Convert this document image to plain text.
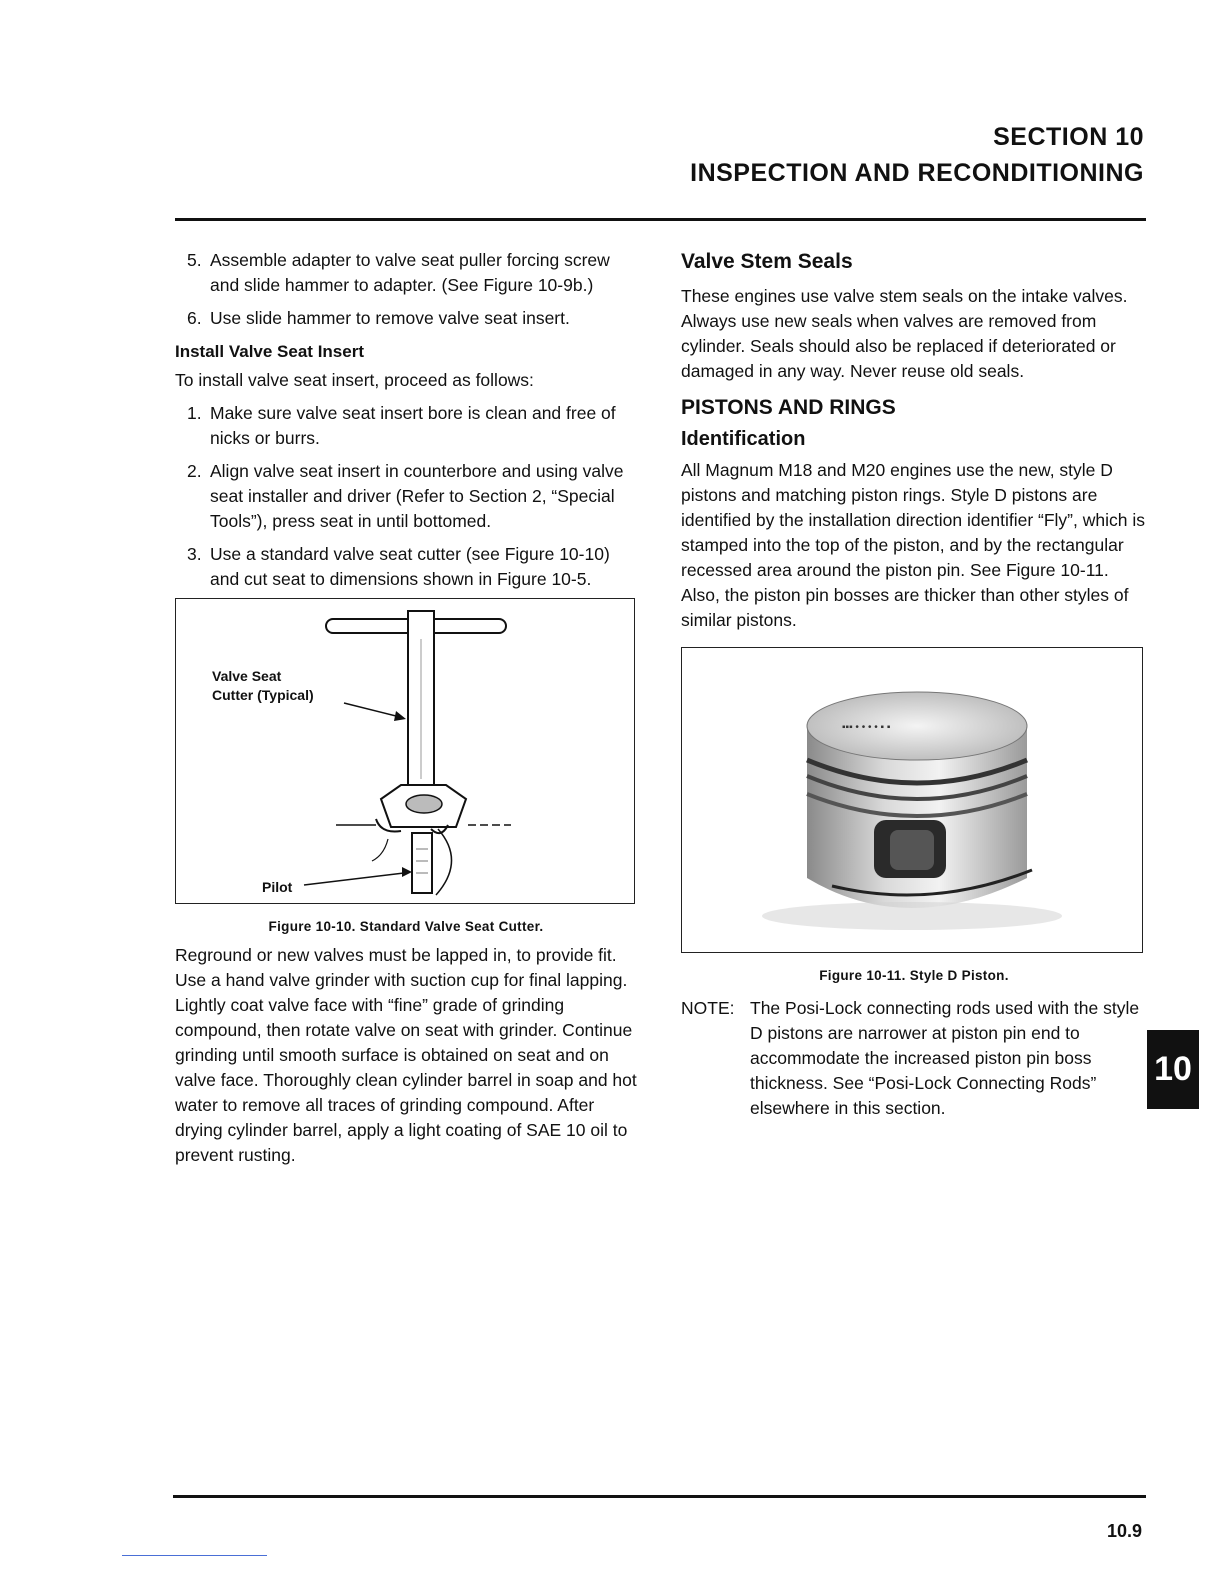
SECTION 10
INSPECTION AND RECONDITIONING
5. Assemble adapter to valve seat puller forcing screw and slide hammer to adapter. (See Figure 10-9b.)
6. Use slide hammer to remove valve seat insert.
Install Valve Seat Insert
To install valve seat insert, proceed as follows:
1. Make sure valve seat insert bore is clean and free of nicks or burrs.
2. Align valve seat insert in counterbore and using valve seat installer and driver (Refer to Section 2, “Special Tools”), press seat in until bottomed.
3. Use a standard valve seat cutter (see Figure 10-10) and cut seat to dimensions shown in Figure 10-5.
Valve Seat
Cutter (Typical)
Pilot
Figure 10-10. Standard Valve Seat Cutter.
Reground or new valves must be lapped in, to provide fit. Use a hand valve grinder with suction cup for final lapping. Lightly coat valve face with “fine” grade of grinding compound, then rotate valve on seat with grinder. Continue grinding until smooth surface is obtained on seat and on valve face. Thoroughly clean cylinder barrel in soap and hot water to remove all traces of grinding compound. After drying cylinder barrel, apply a light coating of SAE 10 oil to prevent rusting.
Valve Stem Seals
These engines use valve stem seals on the intake valves. Always use new seals when valves are removed from cylinder. Seals should also be replaced if deteriorated or damaged in any way. Never reuse old seals.
PISTONS AND RINGS
Identification
All Magnum M18 and M20 engines use the new, style D pistons and matching piston rings. Style D pistons are identified by the installation direction identifier “Fly”, which is stamped into the top of the piston, and by the rectangular recessed area around the piston pin. See Figure 10-11. Also, the piston pin bosses are thicker than other styles of similar pistons.
▪▪▪ • • • • ▪ ▪
Figure 10-11. Style D Piston.
NOTE: The Posi-Lock connecting rods used with the style D pistons are narrower at piston pin end to accommodate the increased piston pin boss thickness. See “Posi-Lock Connecting Rods” elsewhere in this section.
10
10.9
